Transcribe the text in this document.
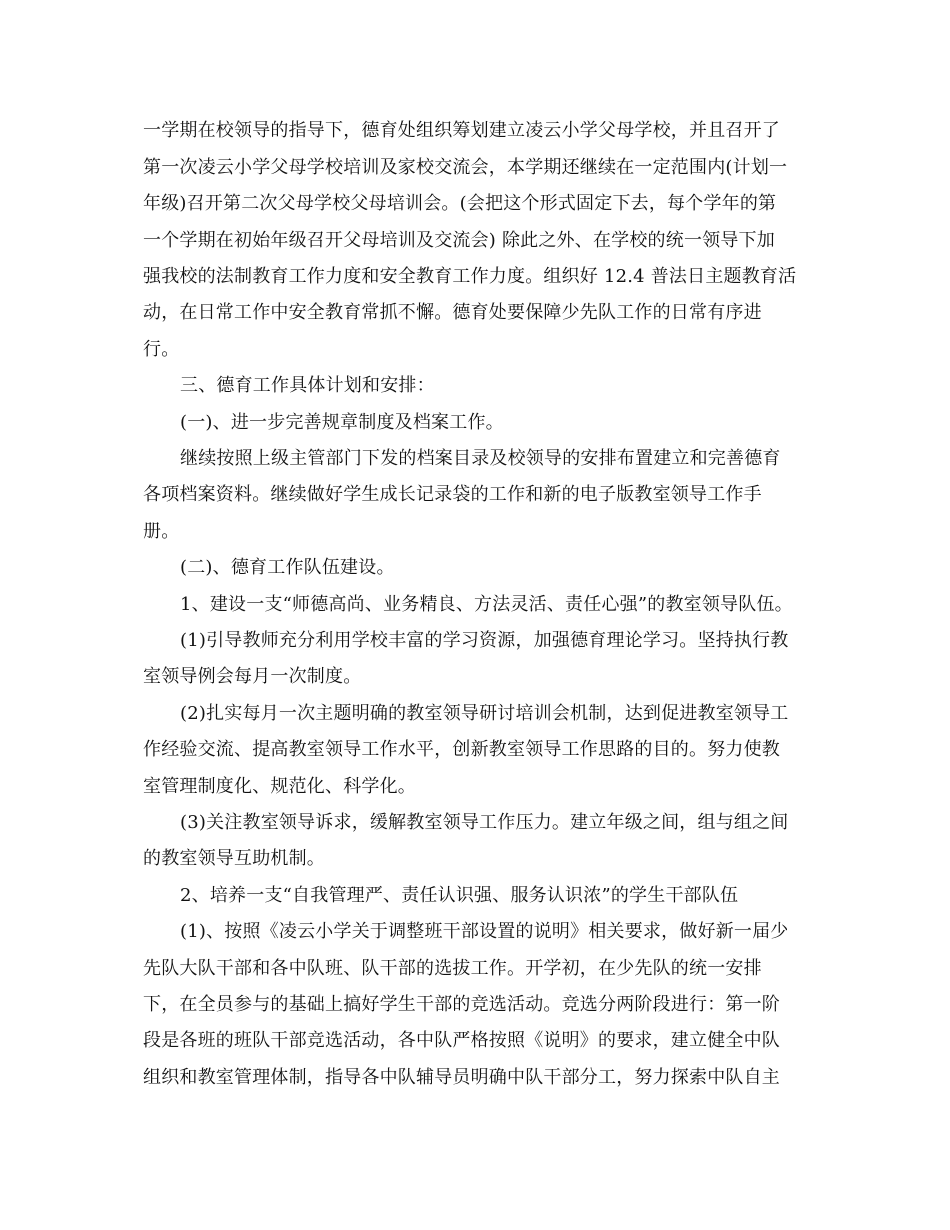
一学期在校领导的指导下，德育处组织筹划建立凌云小学父母学校，并且召开了
第一次凌云小学父母学校培训及家校交流会，本学期还继续在一定范围内(计划一
年级)召开第二次父母学校父母培训会。(会把这个形式固定下去，每个学年的第
一个学期在初始年级召开父母培训及交流会) 除此之外、在学校的统一领导下加
强我校的法制教育工作力度和安全教育工作力度。组织好 12.4 普法日主题教育活
动，在日常工作中安全教育常抓不懈。德育处要保障少先队工作的日常有序进
行。
三、德育工作具体计划和安排：
(一)、进一步完善规章制度及档案工作。
继续按照上级主管部门下发的档案目录及校领导的安排布置建立和完善德育
各项档案资料。继续做好学生成长记录袋的工作和新的电子版教室领导工作手
册。
(二)、德育工作队伍建设。
1、建设一支“师德高尚、业务精良、方法灵活、责任心强”的教室领导队伍。
(1)引导教师充分利用学校丰富的学习资源，加强德育理论学习。坚持执行教
室领导例会每月一次制度。
(2)扎实每月一次主题明确的教室领导研讨培训会机制，达到促进教室领导工
作经验交流、提高教室领导工作水平，创新教室领导工作思路的目的。努力使教
室管理制度化、规范化、科学化。
(3)关注教室领导诉求，缓解教室领导工作压力。建立年级之间，组与组之间
的教室领导互助机制。
2、培养一支“自我管理严、责任认识强、服务认识浓”的学生干部队伍
(1)、按照《凌云小学关于调整班干部设置的说明》相关要求，做好新一届少
先队大队干部和各中队班、队干部的选拔工作。开学初，在少先队的统一安排
下，在全员参与的基础上搞好学生干部的竞选活动。竞选分两阶段进行：第一阶
段是各班的班队干部竞选活动，各中队严格按照《说明》的要求，建立健全中队
组织和教室管理体制，指导各中队辅导员明确中队干部分工，努力探索中队自主
